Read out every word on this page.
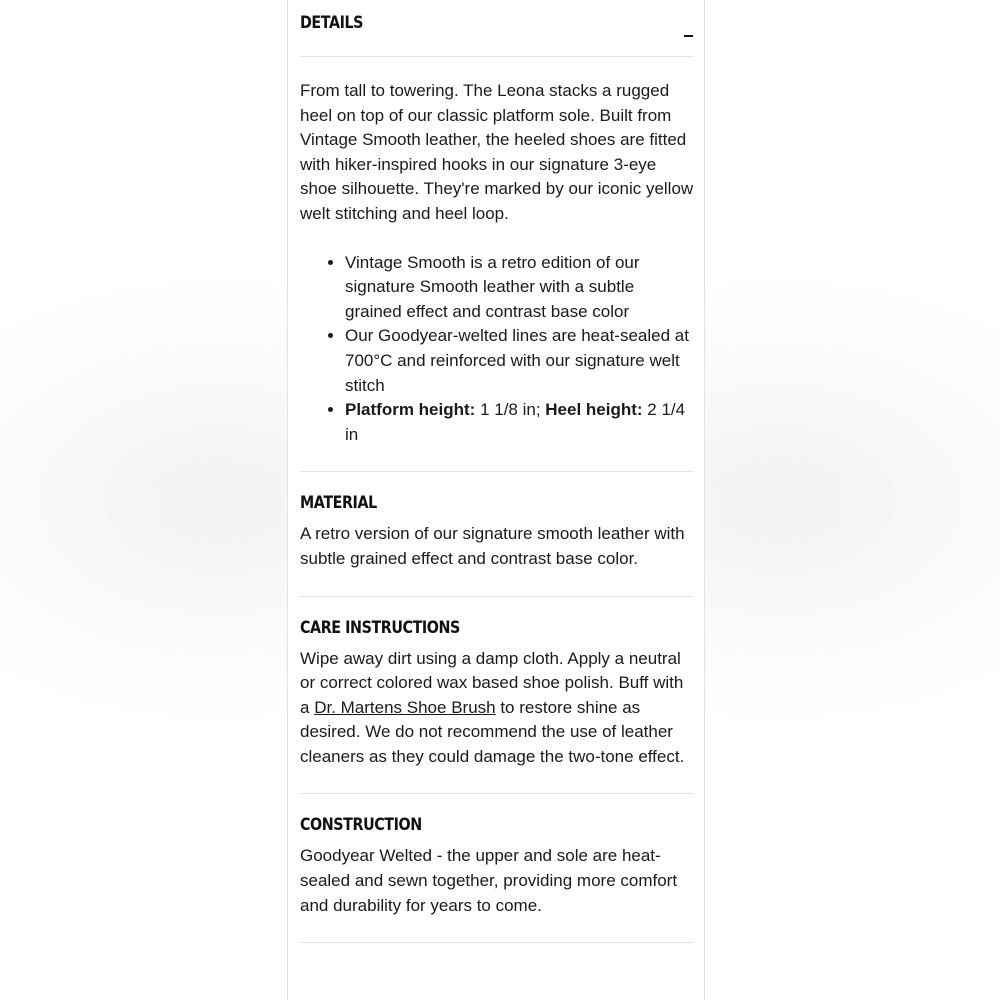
DETAILS

From tall to towering. The Leona stacks a rugged heel on top of our classic platform sole. Built from Vintage Smooth leather, the heeled shoes are fitted with hiker-inspired hooks in our signature 3-eye shoe silhouette. They're marked by our iconic yellow welt stitching and heel loop.

• Vintage Smooth is a retro edition of our signature Smooth leather with a subtle grained effect and contrast base color
• Our Goodyear-welted lines are heat-sealed at 700°C and reinforced with our signature welt stitch
• Platform height: 1 1/8 in; Heel height: 2 1/4 in
MATERIAL

A retro version of our signature smooth leather with subtle grained effect and contrast base color.

CARE INSTRUCTIONS

Wipe away dirt using a damp cloth. Apply a neutral or correct colored wax based shoe polish. Buff with a Dr. Martens Shoe Brush to restore shine as desired. We do not recommend the use of leather cleaners as they could damage the two-tone effect.

CONSTRUCTION

Goodyear Welted - the upper and sole are heat-sealed and sewn together, providing more comfort and durability for years to come.
